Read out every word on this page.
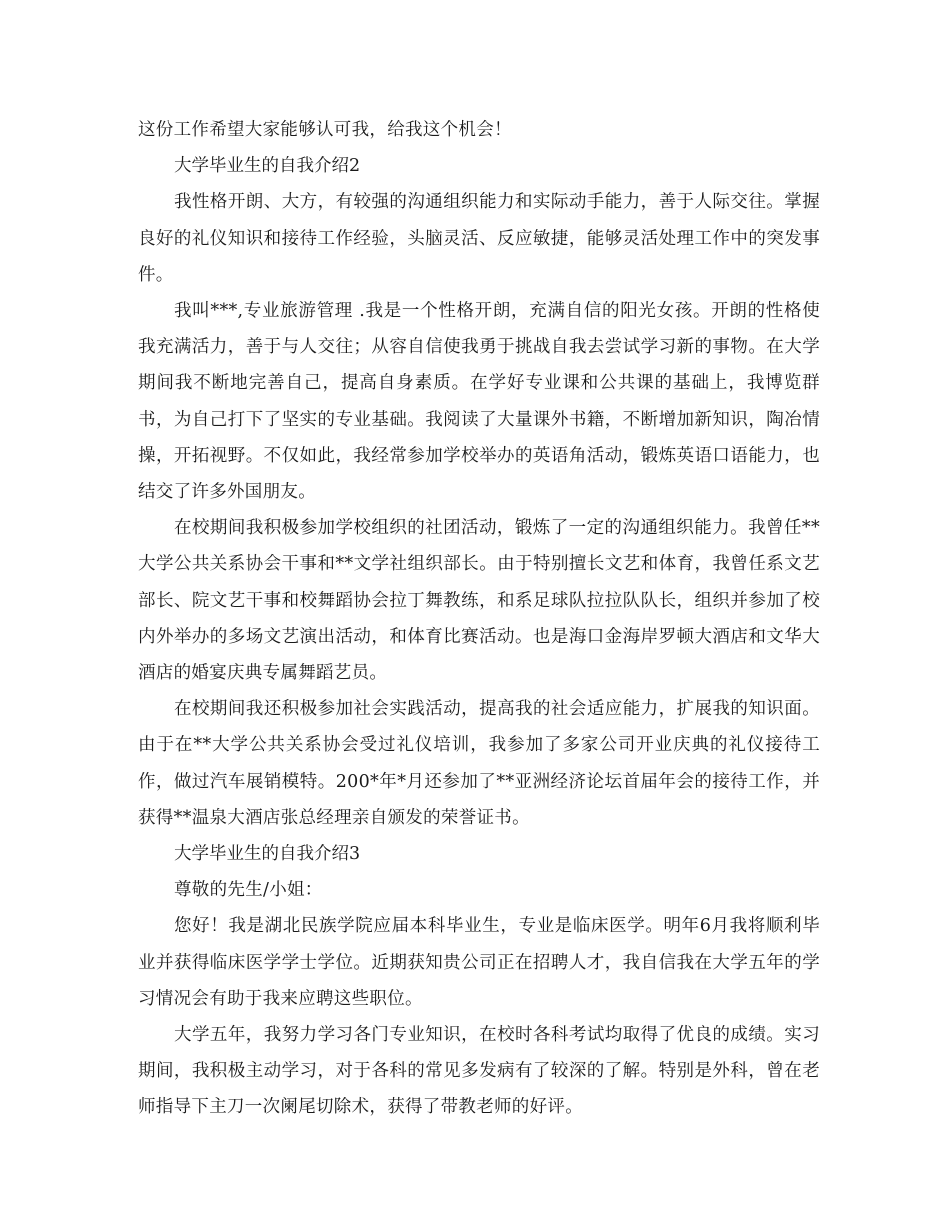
这份工作希望大家能够认可我，给我这个机会！

大学毕业生的自我介绍2

我性格开朗、大方，有较强的沟通组织能力和实际动手能力，善于人际交往。掌握良好的礼仪知识和接待工作经验，头脑灵活、反应敏捷，能够灵活处理工作中的突发事件。

我叫***,专业旅游管理 .我是一个性格开朗，充满自信的阳光女孩。开朗的性格使我充满活力，善于与人交往；从容自信使我勇于挑战自我去尝试学习新的事物。在大学期间我不断地完善自己，提高自身素质。在学好专业课和公共课的基础上，我博览群书，为自己打下了坚实的专业基础。我阅读了大量课外书籍，不断增加新知识，陶冶情操，开拓视野。不仅如此，我经常参加学校举办的英语角活动，锻炼英语口语能力，也结交了许多外国朋友。

在校期间我积极参加学校组织的社团活动，锻炼了一定的沟通组织能力。我曾任**大学公共关系协会干事和**文学社组织部长。由于特别擅长文艺和体育，我曾任系文艺部长、院文艺干事和校舞蹈协会拉丁舞教练，和系足球队拉拉队队长，组织并参加了校内外举办的多场文艺演出活动，和体育比赛活动。也是海口金海岸罗顿大酒店和文华大酒店的婚宴庆典专属舞蹈艺员。

在校期间我还积极参加社会实践活动，提高我的社会适应能力，扩展我的知识面。由于在**大学公共关系协会受过礼仪培训，我参加了多家公司开业庆典的礼仪接待工作，做过汽车展销模特。200*年*月还参加了**亚洲经济论坛首届年会的接待工作，并获得**温泉大酒店张总经理亲自颁发的荣誉证书。

大学毕业生的自我介绍3

尊敬的先生/小姐：

您好！我是湖北民族学院应届本科毕业生，专业是临床医学。明年6月我将顺利毕业并获得临床医学学士学位。近期获知贵公司正在招聘人才，我自信我在大学五年的学习情况会有助于我来应聘这些职位。

大学五年，我努力学习各门专业知识，在校时各科考试均取得了优良的成绩。实习期间，我积极主动学习，对于各科的常见多发病有了较深的了解。特别是外科，曾在老师指导下主刀一次阑尾切除术，获得了带教老师的好评。
